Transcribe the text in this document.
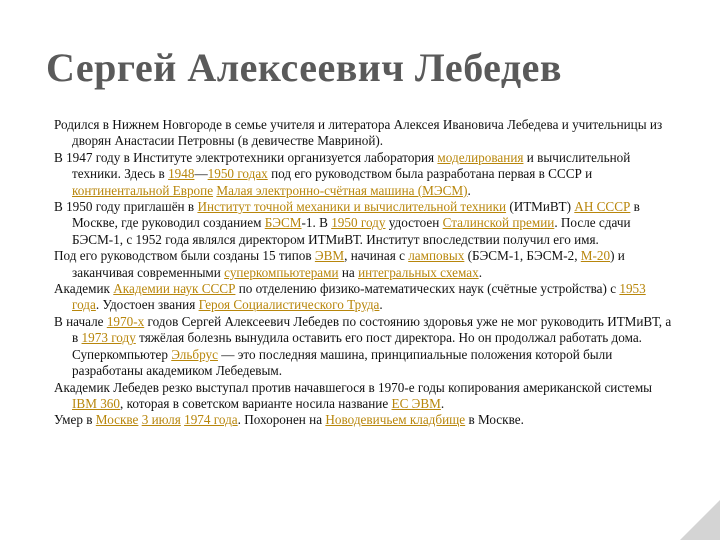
Сергей Алексеевич Лебедев

Родился в Нижнем Новгороде в семье учителя и литератора Алексея Ивановича Лебедева и учительницы из дворян Анастасии Петровны (в девичестве Мавриной).

В 1947 году в Институте электротехники организуется лаборатория моделирования и вычислительной техники. Здесь в 1948—1950 годах под его руководством была разработана первая в СССР и континентальной Европе Малая электронно-счётная машина (МЭСМ).

В 1950 году приглашён в Институт точной механики и вычислительной техники (ИТМиВТ) АН СССР в Москве, где руководил созданием БЭСМ-1. В 1950 году удостоен Сталинской премии. После сдачи БЭСМ-1, с 1952 года являлся директором ИТМиВТ. Институт впоследствии получил его имя.

Под его руководством были созданы 15 типов ЭВМ, начиная с ламповых (БЭСМ-1, БЭСМ-2, М-20) и заканчивая современными суперкомпьютерами на интегральных схемах.

Академик Академии наук СССР по отделению физико-математических наук (счётные устройства) с 1953 года. Удостоен звания Героя Социалистического Труда.

В начале 1970-х годов Сергей Алексеевич Лебедев по состоянию здоровья уже не мог руководить ИТМиВТ, а в 1973 году тяжёлая болезнь вынудила оставить его пост директора. Но он продолжал работать дома. Суперкомпьютер Эльбрус — это последняя машина, принципиальные положения которой были разработаны академиком Лебедевым.

Академик Лебедев резко выступал против начавшегося в 1970-е годы копирования американской системы IBM 360, которая в советском варианте носила название ЕС ЭВМ.

Умер в Москве 3 июля 1974 года. Похоронен на Новодевичьем кладбище в Москве.
